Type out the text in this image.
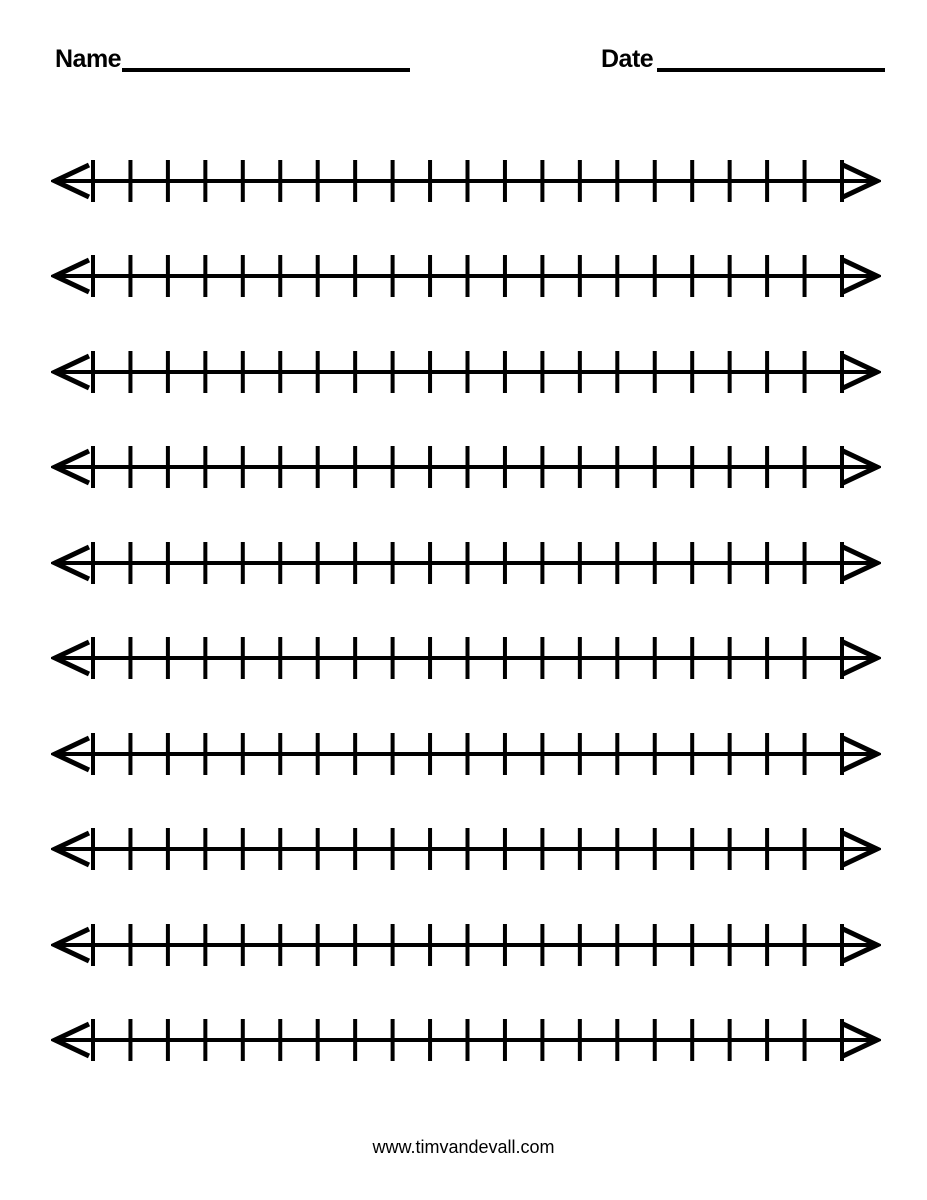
Name	Date
www.timvandevall.com
